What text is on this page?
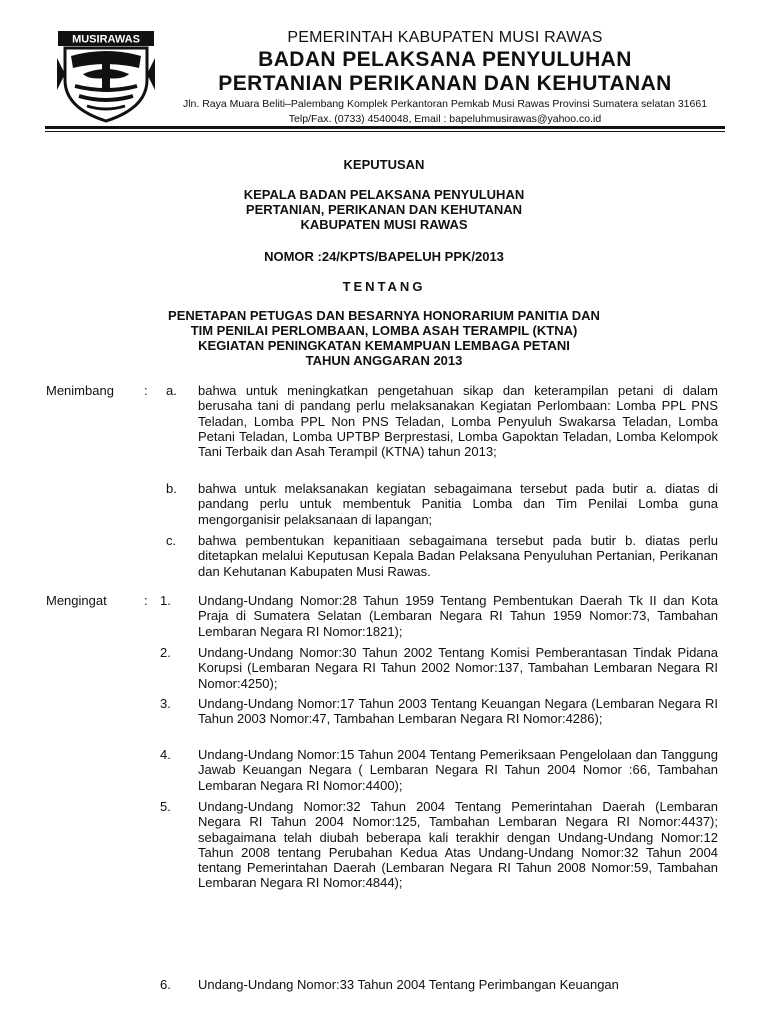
MUSIRAWAS	PEMERINTAH KABUPATEN MUSI RAWAS
BADAN PELAKSANA PENYULUHAN
PERTANIAN PERIKANAN DAN KEHUTANAN
Jln. Raya Muara Beliti–Palembang Komplek Perkantoran Pemkab Musi Rawas Provinsi Sumatera selatan 31661
Telp/Fax. (0733) 4540048, Email : bapeluhmusirawas@yahoo.co.id
KEPUTUSAN
KEPALA BADAN PELAKSANA PENYULUHAN
PERTANIAN, PERIKANAN DAN KEHUTANAN
KABUPATEN MUSI RAWAS
NOMOR :24/KPTS/BAPELUH PPK/2013
TENTANG
PENETAPAN PETUGAS DAN BESARNYA HONORARIUM PANITIA DAN
TIM PENILAI PERLOMBAAN, LOMBA ASAH TERAMPIL (KTNA)
KEGIATAN PENINGKATAN KEMAMPUAN LEMBAGA PETANI
TAHUN ANGGARAN 2013
Menimbang : a.	bahwa untuk meningkatkan pengetahuan sikap dan keterampilan petani di dalam berusaha tani di pandang perlu melaksanakan Kegiatan Perlombaan: Lomba PPL PNS Teladan, Lomba PPL Non PNS Teladan, Lomba Penyuluh Swakarsa Teladan, Lomba Petani Teladan, Lomba UPTBP Berprestasi, Lomba Gapoktan Teladan, Lomba Kelompok Tani Terbaik dan Asah Terampil (KTNA) tahun 2013;
b.	bahwa untuk melaksanakan kegiatan sebagaimana tersebut pada butir a. diatas di pandang perlu untuk membentuk Panitia Lomba dan Tim Penilai Lomba guna mengorganisir pelaksanaan di lapangan;
c.	bahwa pembentukan kepanitiaan sebagaimana tersebut pada butir b. diatas perlu ditetapkan melalui Keputusan Kepala Badan Pelaksana Penyuluhan Pertanian, Perikanan dan Kehutanan Kabupaten Musi Rawas.
Mengingat	: 1.	Undang-Undang Nomor:28 Tahun 1959 Tentang Pembentukan Daerah Tk II dan Kota Praja di Sumatera Selatan (Lembaran Negara RI Tahun 1959 Nomor:73, Tambahan Lembaran Negara RI Nomor:1821);
2.	Undang-Undang Nomor:30 Tahun 2002 Tentang Komisi Pemberantasan Tindak Pidana Korupsi (Lembaran Negara RI Tahun 2002 Nomor:137, Tambahan Lembaran Negara RI Nomor:4250);
3.	Undang-Undang Nomor:17 Tahun 2003 Tentang Keuangan Negara (Lembaran Negara RI Tahun 2003 Nomor:47, Tambahan Lembaran Negara RI Nomor:4286);
4.	Undang-Undang Nomor:15 Tahun 2004 Tentang Pemeriksaan Pengelolaan dan Tanggung Jawab Keuangan Negara ( Lembaran Negara RI Tahun 2004 Nomor :66, Tambahan Lembaran Negara RI Nomor:4400);
5.	Undang-Undang Nomor:32 Tahun 2004 Tentang Pemerintahan Daerah (Lembaran Negara RI Tahun 2004 Nomor:125, Tambahan Lembaran Negara RI Nomor:4437); sebagaimana telah diubah beberapa kali terakhir dengan Undang-Undang Nomor:12 Tahun 2008 tentang Perubahan Kedua Atas Undang-Undang Nomor:32 Tahun 2004 tentang Pemerintahan Daerah (Lembaran Negara RI Tahun 2008 Nomor:59, Tambahan Lembaran Negara RI Nomor:4844);
6.	Undang-Undang Nomor:33 Tahun 2004 Tentang Perimbangan Keuangan
